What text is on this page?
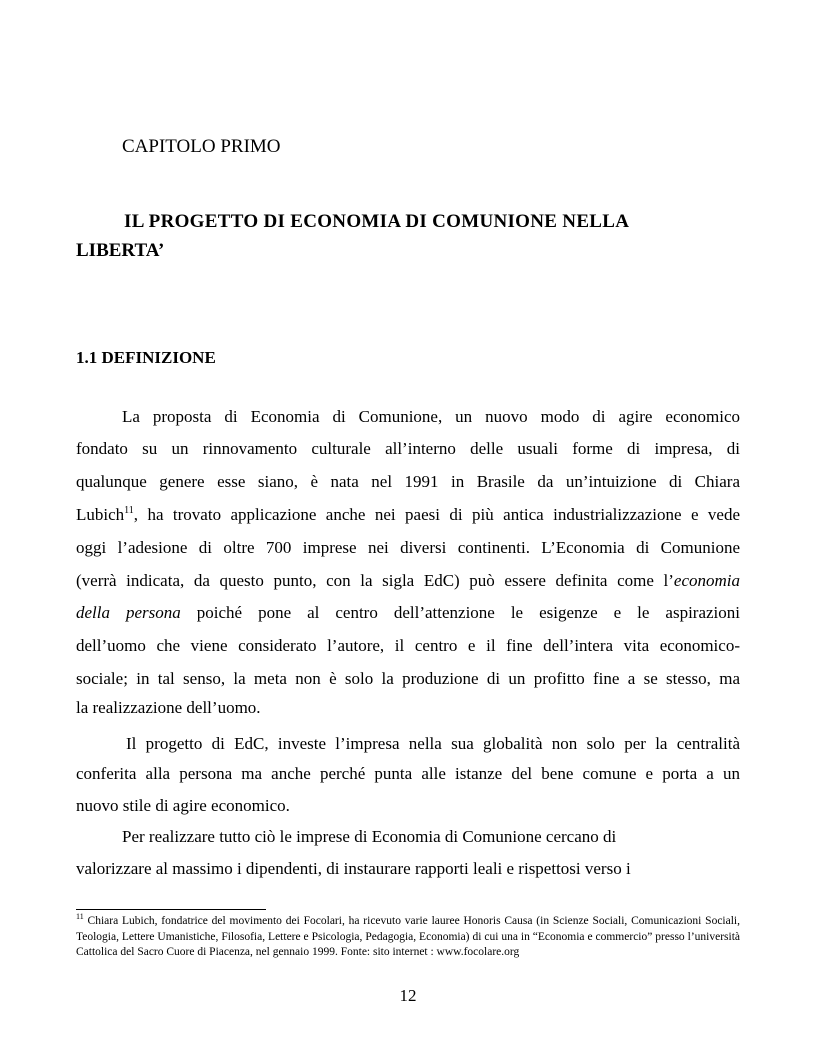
CAPITOLO PRIMO
IL PROGETTO DI ECONOMIA DI COMUNIONE NELLA
LIBERTA’
1.1 DEFINIZIONE
La proposta di Economia di Comunione, un nuovo modo di agire economico
fondato su un rinnovamento culturale all’interno delle usuali forme di impresa, di
qualunque genere esse siano, è nata nel 1991 in Brasile da un’intuizione di Chiara
Lubich$^{11}$, ha trovato applicazione anche nei paesi di più antica industrializzazione e vede
oggi l’adesione di oltre 700 imprese nei diversi continenti. L’Economia di Comunione
(verrà indicata, da questo punto, con la sigla EdC) può essere definita come l’economia
della persona poiché pone al centro dell’attenzione le esigenze e le aspirazioni
dell’uomo che viene considerato l’autore, il centro e il fine dell’intera vita economico-
sociale; in tal senso, la meta non è solo la produzione di un profitto fine a se stesso, ma
la realizzazione dell’uomo.
Il progetto di EdC, investe l’impresa nella sua globalità non solo per la centralità
conferita alla persona ma anche perché punta alle istanze del bene comune e porta a un
nuovo stile di agire economico.
Per realizzare tutto ciò le imprese di Economia di Comunione cercano di
valorizzare al massimo i dipendenti, di instaurare rapporti leali e rispettosi verso i
$^{11}$ Chiara Lubich, fondatrice del movimento dei Focolari, ha ricevuto varie lauree Honoris Causa (in Scienze Sociali, Comunicazioni Sociali, Teologia, Lettere Umanistiche, Filosofia, Lettere e Psicologia, Pedagogia, Economia) di cui una in “Economia e commercio” presso l’università Cattolica del Sacro Cuore di Piacenza, nel gennaio 1999. Fonte: sito internet : www.focolare.org
12
